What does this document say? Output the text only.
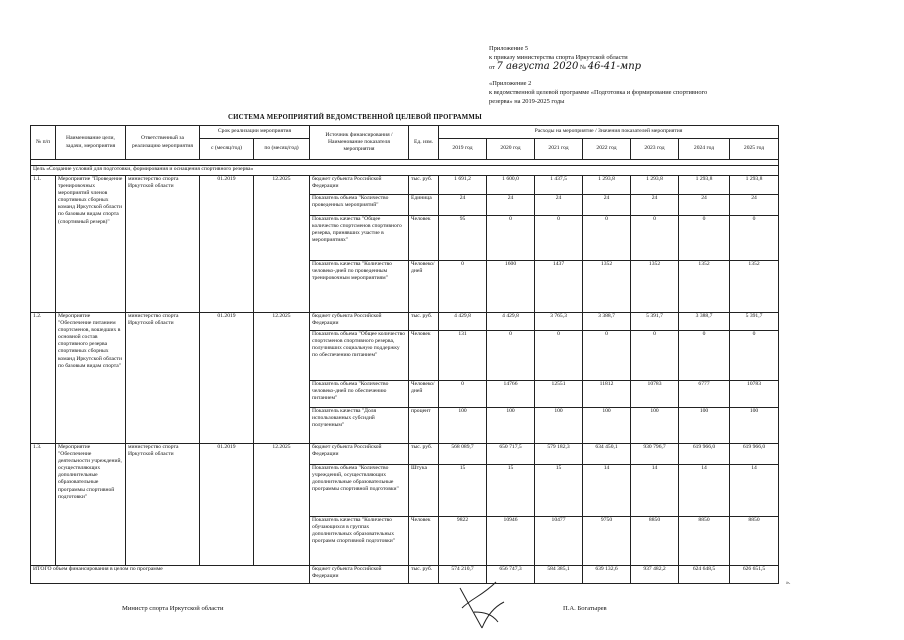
Приложение 5
к приказу министерства спорта Иркутской области
от 7 августа 2020 № 46-41-мпр
«Приложение 2
к ведомственной целевой программе «Подготовка и формирование спортивного
резерва» на 2019-2025 годы
СИСТЕМА МЕРОПРИЯТИЙ ВЕДОМСТВЕННОЙ ЦЕЛЕВОЙ ПРОГРАММЫ
№ п/п	Наименование цели, задачи, мероприятия	Ответственный за реализацию мероприятия	Срок реализации мероприятия		Источник финансирования / Наименование показателя мероприятия	Ед. изм.	Расходы на мероприятие / Значения показателей мероприятия						
			с (месяц/год)	по (месяц/год)			2019 год	2020 год	2021 год	2022 год	2023 год	2024 год	2025 год

Цель «Создание условий для подготовки, формирования и оснащения спортивного резерва»													
1.1.	Мероприятие "Проведение тренировочных мероприятий членов спортивных сборных команд Иркутской области по базовым видам спорта (спортивный резерв)"	министерство спорта Иркутской области	01.2019	12.2025	бюджет субъекта Российской Федерации	тыс. руб.	1 691,2	1 600,0	1 437,5	1 293,8	1 293,8	1 293,8	1 293,8
					Показатель объема "Количество проведенных мероприятий"	Единица	24	24	24	24	24	24	24
					Показатель качества "Общее количество спортсменов спортивного резерва, принявших участие в мероприятиях"	Человек	95	0	0	0	0	0	0
					Показатель качества "Количество человеко-дней по проведенным тренировочным мероприятиям"	Человеко/дней	0	1600	1437	1352	1352	1352	1352
1.2.	Мероприятие "Обеспечение питанием спортсменов, вошедших в основной состав спортивного резерва спортивных сборных команд Иркутской области по базовым видам спорта"	министерство спорта Иркутской области	01.2019	12.2025	бюджет субъекта Российской Федерации	тыс. руб.	4 429,8	4 429,8	3 765,3	3 388,7	5 391,7	3 388,7	5 391,7
					Показатель объема "Общее количество спортсменов спортивного резерва, получивших социальную поддержку по обеспечению питанием"	Человек	131	0	0	0	0	0	0
					Показатель объема "Количество человеко-дней по обеспечению питанием"	Человеко/дней	0	14766	12551	11812	10783	6777	10783
					Показатель качества "Доля использованных субсидий полученным"	процент	100	100	100	100	100	100	100
1.3.	Мероприятие "Обеспечение деятельности учреждений, осуществляющих дополнительные образовательные программы спортивной подготовки"	министерство спорта Иркутской области	01.2019	12.2025	бюджет субъекта Российской Федерации	тыс. руб.	568 089,7	650 717,5	579 182,3	634 450,1	930 796,7	619 966,0	619 966,0
					Показатель объема "Количество учреждений, осуществляющих дополнительные образовательные программы спортивной подготовки"	Штука	15	15	15	14	14	14	14
					Показатель качества "Количество обучающихся в группах дополнительных образовательных программ спортивной подготовки"	Человек	9822	10946	10477	9750	8850	8850	8850
ИТОГО объем финансирования в целом по программе					бюджет субъекта Российской Федерации	тыс. руб.	574 210,7	656 747,3	584 385,1	639 132,6	937 482,2	624 648,5	626 651,5
».
Министр спорта Иркутской области	П.А. Богатырев
